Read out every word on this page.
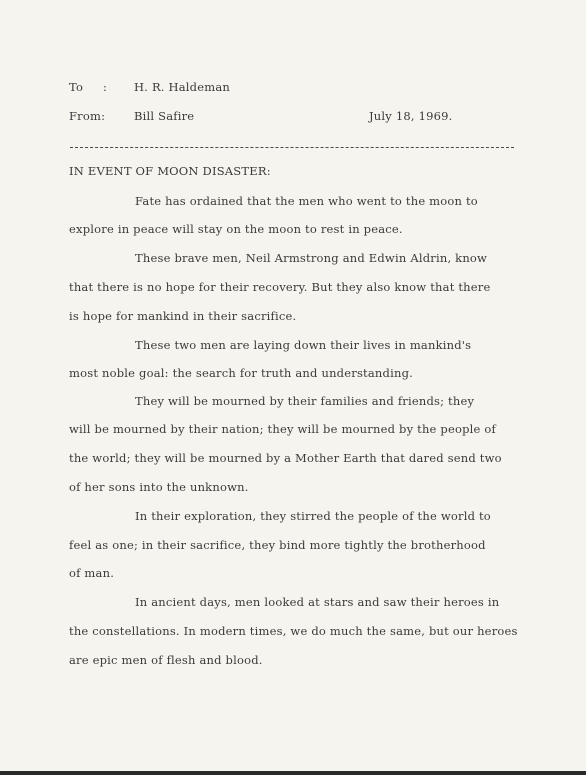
To : H. R. Haldeman
From:	Bill Safire	July 18, 1969.
IN EVENT OF MOON DISASTER:
Fate has ordained that the men who went to the moon to
explore in peace will stay on the moon to rest in peace.
These brave men, Neil Armstrong and Edwin Aldrin, know
that there is no hope for their recovery. But they also know that there
is hope for mankind in their sacrifice.
These two men are laying down their lives in mankind's
most noble goal: the search for truth and understanding.
They will be mourned by their families and friends; they
will be mourned by their nation; they will be mourned by the people of
the world; they will be mourned by a Mother Earth that dared send two
of her sons into the unknown.
In their exploration, they stirred the people of the world to
feel as one; in their sacrifice, they bind more tightly the brotherhood
of man.
In ancient days, men looked at stars and saw their heroes in
the constellations. In modern times, we do much the same, but our heroes
are epic men of flesh and blood.
